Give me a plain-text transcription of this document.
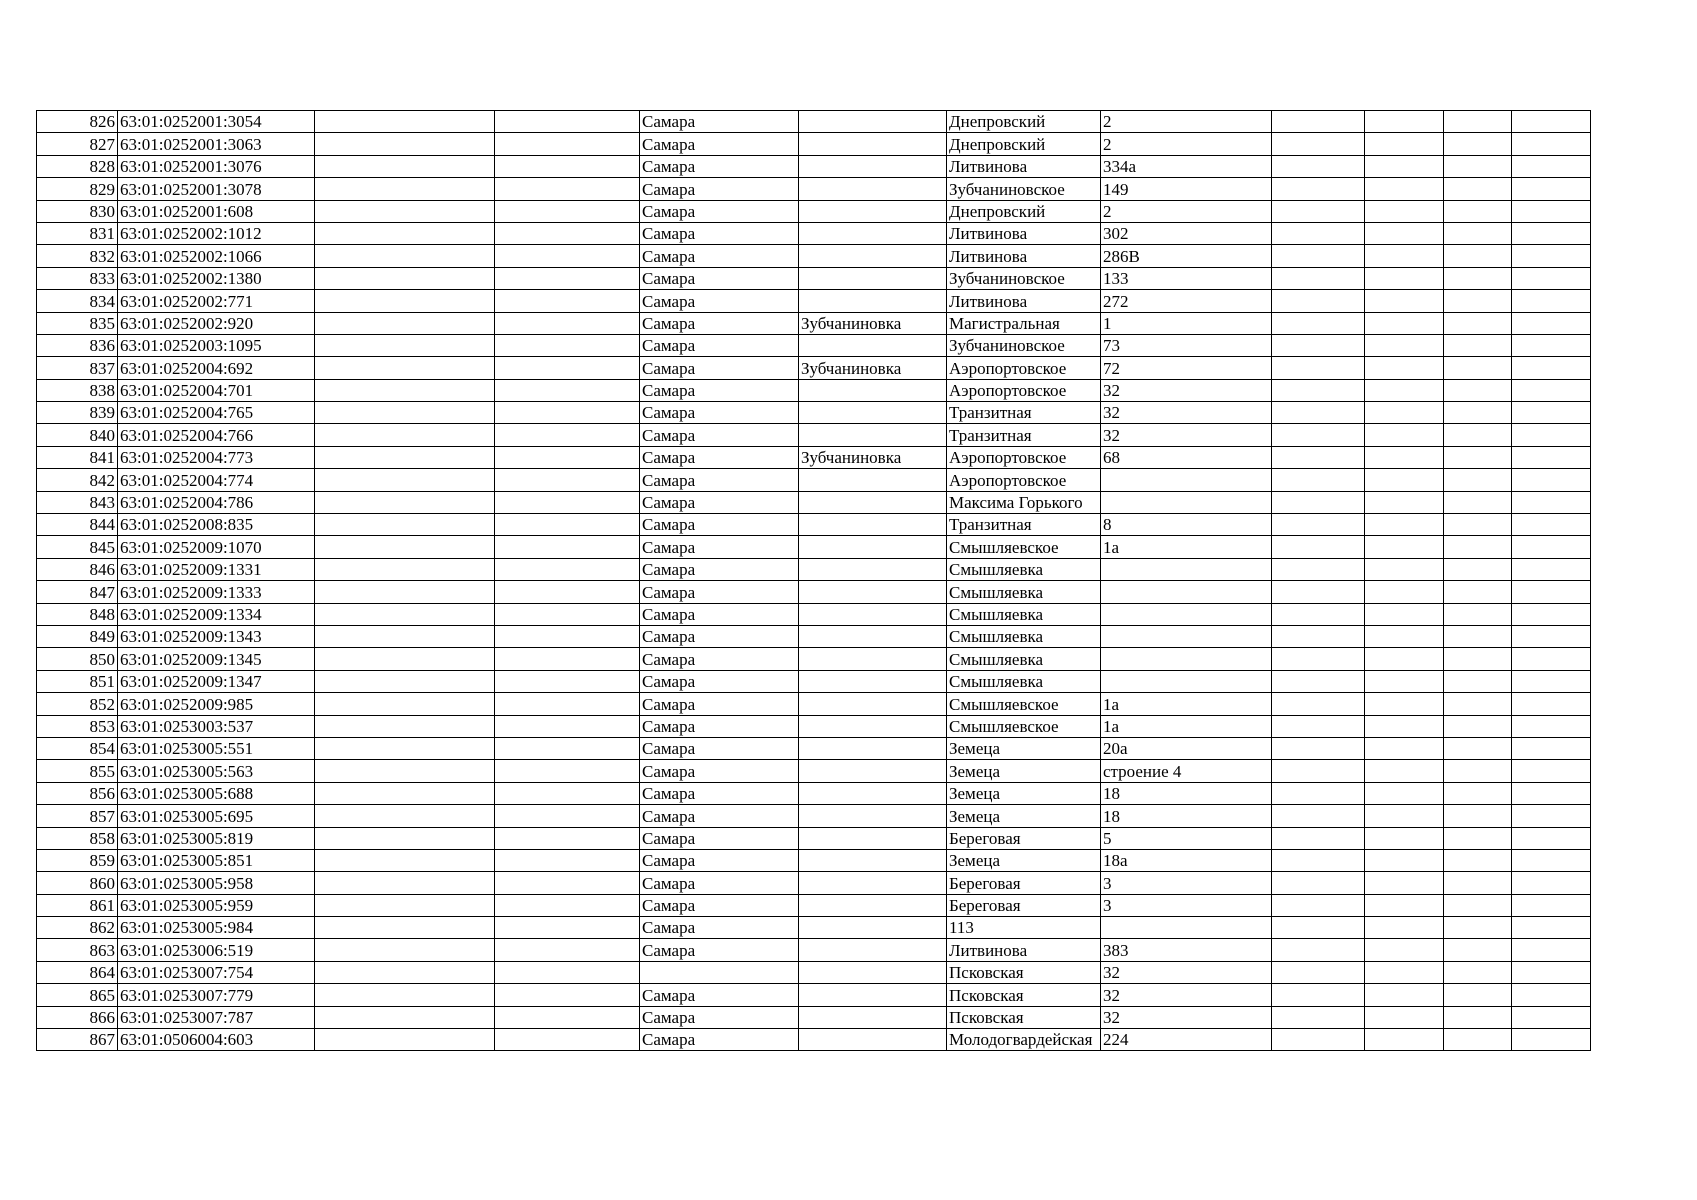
826	63:01:0252001:3054			Самара		Днепровский	2				
827	63:01:0252001:3063			Самара		Днепровский	2				
828	63:01:0252001:3076			Самара		Литвинова	334а				
829	63:01:0252001:3078			Самара		Зубчаниновское	149				
830	63:01:0252001:608			Самара		Днепровский	2				
831	63:01:0252002:1012			Самара		Литвинова	302				
832	63:01:0252002:1066			Самара		Литвинова	286В				
833	63:01:0252002:1380			Самара		Зубчаниновское	133				
834	63:01:0252002:771			Самара		Литвинова	272				
835	63:01:0252002:920			Самара	Зубчаниновка	Магистральная	1				
836	63:01:0252003:1095			Самара		Зубчаниновское	73				
837	63:01:0252004:692			Самара	Зубчаниновка	Аэропортовское	72				
838	63:01:0252004:701			Самара		Аэропортовское	32				
839	63:01:0252004:765			Самара		Транзитная	32				
840	63:01:0252004:766			Самара		Транзитная	32				
841	63:01:0252004:773			Самара	Зубчаниновка	Аэропортовское	68				
842	63:01:0252004:774			Самара		Аэропортовское					
843	63:01:0252004:786			Самара		Максима Горького					
844	63:01:0252008:835			Самара		Транзитная	8				
845	63:01:0252009:1070			Самара		Смышляевское	1а				
846	63:01:0252009:1331			Самара		Смышляевка					
847	63:01:0252009:1333			Самара		Смышляевка					
848	63:01:0252009:1334			Самара		Смышляевка					
849	63:01:0252009:1343			Самара		Смышляевка					
850	63:01:0252009:1345			Самара		Смышляевка					
851	63:01:0252009:1347			Самара		Смышляевка					
852	63:01:0252009:985			Самара		Смышляевское	1а				
853	63:01:0253003:537			Самара		Смышляевское	1а				
854	63:01:0253005:551			Самара		Земеца	20а				
855	63:01:0253005:563			Самара		Земеца	строение 4				
856	63:01:0253005:688			Самара		Земеца	18				
857	63:01:0253005:695			Самара		Земеца	18				
858	63:01:0253005:819			Самара		Береговая	5				
859	63:01:0253005:851			Самара		Земеца	18а				
860	63:01:0253005:958			Самара		Береговая	3				
861	63:01:0253005:959			Самара		Береговая	3				
862	63:01:0253005:984			Самара		113					
863	63:01:0253006:519			Самара		Литвинова	383				
864	63:01:0253007:754					Псковская	32				
865	63:01:0253007:779			Самара		Псковская	32				
866	63:01:0253007:787			Самара		Псковская	32				
867	63:01:0506004:603			Самара		Молодогвардейская	224				
